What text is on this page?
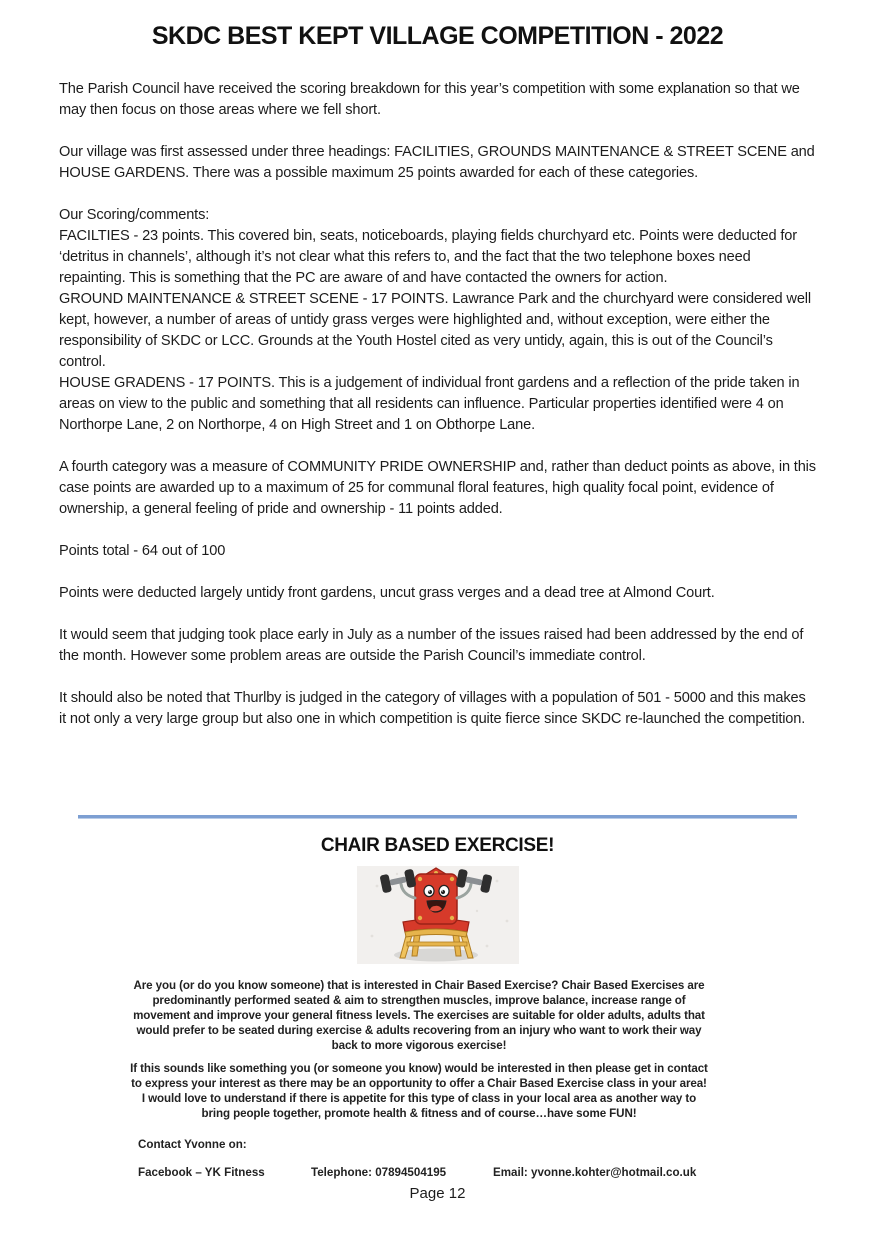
SKDC BEST KEPT VILLAGE COMPETITION - 2022

The Parish Council have received the scoring breakdown for this year’s competition with some explanation so that we may then focus on those areas where we fell short.

Our village was first assessed under three headings: FACILITIES, GROUNDS MAINTENANCE & STREET SCENE and HOUSE GARDENS. There was a possible maximum 25 points awarded for each of these categories.

Our Scoring/comments:

FACILTIES - 23 points. This covered bin, seats, noticeboards, playing fields churchyard etc. Points were deducted for ‘detritus in channels’, although it’s not clear what this refers to, and the fact that the two telephone boxes need repainting. This is something that the PC are aware of and have contacted the owners for action.

GROUND MAINTENANCE & STREET SCENE - 17 POINTS. Lawrance Park and the churchyard were considered well kept, however, a number of areas of untidy grass verges were highlighted and, without exception, were either the responsibility of SKDC or LCC. Grounds at the Youth Hostel cited as very untidy, again, this is out of the Council’s control.

HOUSE GRADENS - 17 POINTS. This is a judgement of individual front gardens and a reflection of the pride taken in areas on view to the public and something that all residents can influence. Particular properties identified were 4 on Northorpe Lane, 2 on Northorpe, 4 on High Street and 1 on Obthorpe Lane.

A fourth category was a measure of COMMUNITY PRIDE OWNERSHIP and, rather than deduct points as above, in this case points are awarded up to a maximum of 25 for communal floral features, high quality focal point, evidence of ownership, a general feeling of pride and ownership - 11 points added.

Points total - 64 out of 100

Points were deducted largely untidy front gardens, uncut grass verges and a dead tree at Almond Court.

It would seem that judging took place early in July as a number of the issues raised had been addressed by the end of the month. However some problem areas are outside the Parish Council’s immediate control.

It should also be noted that Thurlby is judged in the category of villages with a population of 501 - 5000 and this makes it not only a very large group but also one in which competition is quite fierce since SKDC re-launched the competition.

CHAIR BASED EXERCISE!

Are you (or do you know someone) that is interested in Chair Based Exercise? Chair Based Exercises are predominantly performed seated & aim to strengthen muscles, improve balance, increase range of movement and improve your general fitness levels. The exercises are suitable for older adults, adults that would prefer to be seated during exercise & adults recovering from an injury who want to work their way back to more vigorous exercise!

If this sounds like something you (or someone you know) would be interested in then please get in contact to express your interest as there may be an opportunity to offer a Chair Based Exercise class in your area! I would love to understand if there is appetite for this type of class in your local area as another way to bring people together, promote health & fitness and of course…have some FUN!

Contact Yvonne on:
Facebook – YK Fitness	Telephone: 07894504195	Email: yvonne.kohter@hotmail.co.uk
Page 12
